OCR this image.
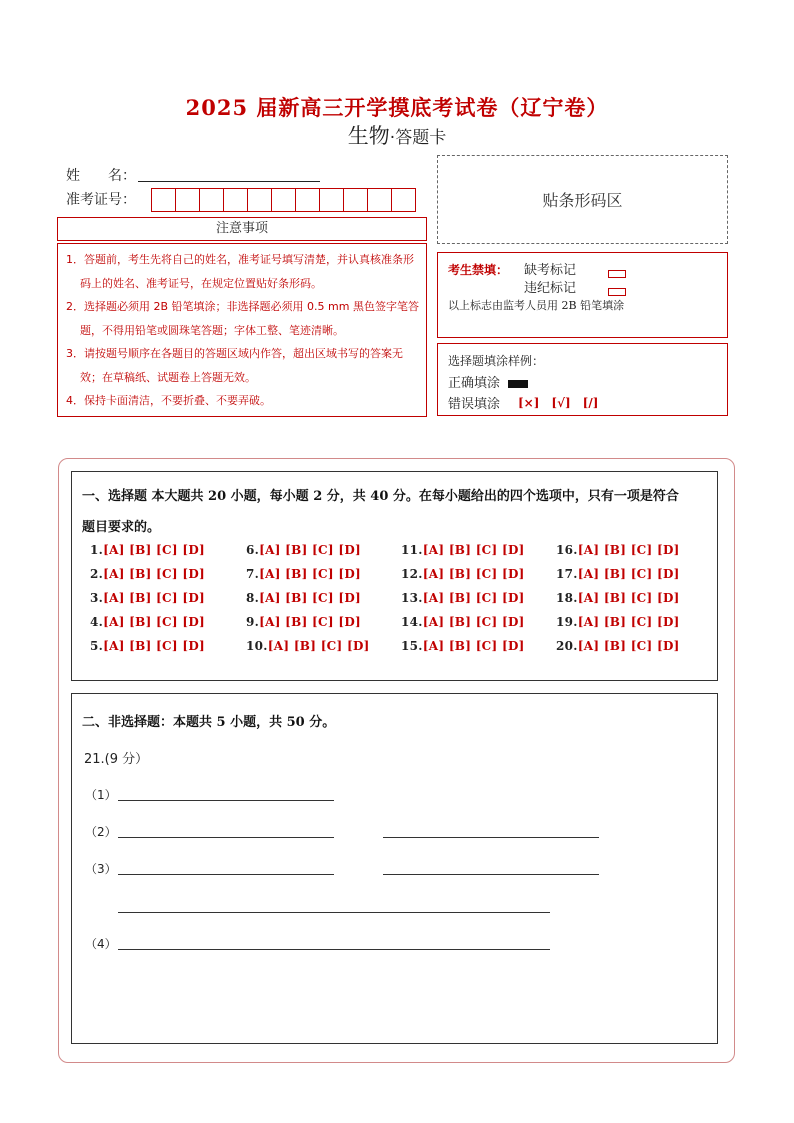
2025 届新高三开学摸底考试卷（辽宁卷）
生物·答题卡
姓　　名：
准考证号：	贴条形码区
注意事项
1．答题前，考生先将自己的姓名，准考证号填写清楚，并认真核准条形码上的姓名、准考证号，在规定位置贴好条形码。
2．选择题必须用 2B 铅笔填涂；非选择题必须用 0.5 mm 黑色签字笔答题，不得用铅笔或圆珠笔答题；字体工整、笔迹清晰。
3．请按题号顺序在各题目的答题区域内作答，超出区域书写的答案无效；在草稿纸、试题卷上答题无效。
4．保持卡面清洁，不要折叠、不要弄破。
考生禁填： 缺考标记
违纪标记
以上标志由监考人员用 2B 铅笔填涂
选择题填涂样例：
正确填涂
错误填涂 [×]　[√]　[/]
一、选择题 本大题共 20 小题，每小题 2 分，共 40 分。在每小题给出的四个选项中，只有一项是符合
题目要求的。
1.[A] [B] [C] [D]
2.[A] [B] [C] [D]
3.[A] [B] [C] [D]
4.[A] [B] [C] [D]
5.[A] [B] [C] [D]
6.[A] [B] [C] [D]
7.[A] [B] [C] [D]
8.[A] [B] [C] [D]
9.[A] [B] [C] [D]
10.[A] [B] [C] [D]
11.[A] [B] [C] [D]
12.[A] [B] [C] [D]
13.[A] [B] [C] [D]
14.[A] [B] [C] [D]
15.[A] [B] [C] [D]
16.[A] [B] [C] [D]
17.[A] [B] [C] [D]
18.[A] [B] [C] [D]
19.[A] [B] [C] [D]
20.[A] [B] [C] [D]
二、非选择题：本题共 5 小题，共 50 分。
21.(9 分）
（1）
（2）
（3）
（4）
